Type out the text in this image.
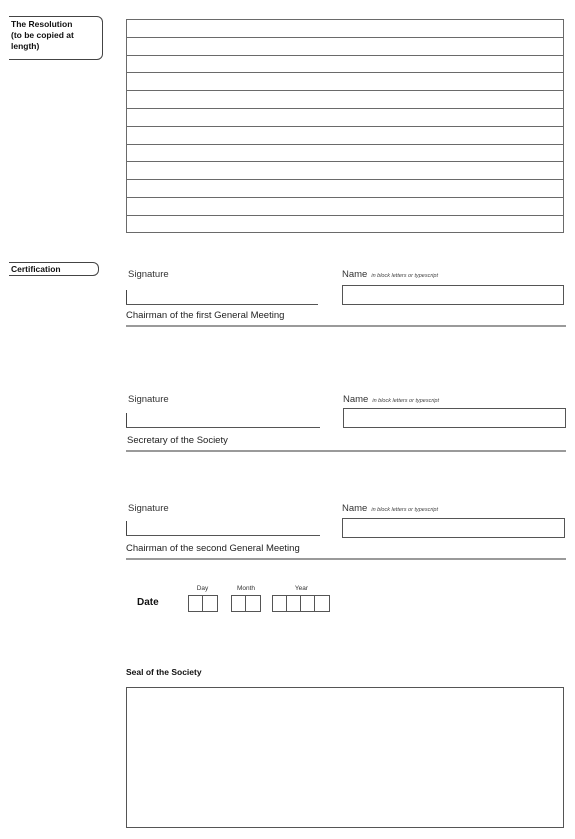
The Resolution
(to be copied at
length)
Certification	Signature	Name in block letters or typescript
Chairman of the first General Meeting
Signature	Name in block letters or typescript
Secretary of the Society
Signature	Name in block letters or typescript
Chairman of the second General Meeting
Date
Day	Month	Year
Seal of the Society
